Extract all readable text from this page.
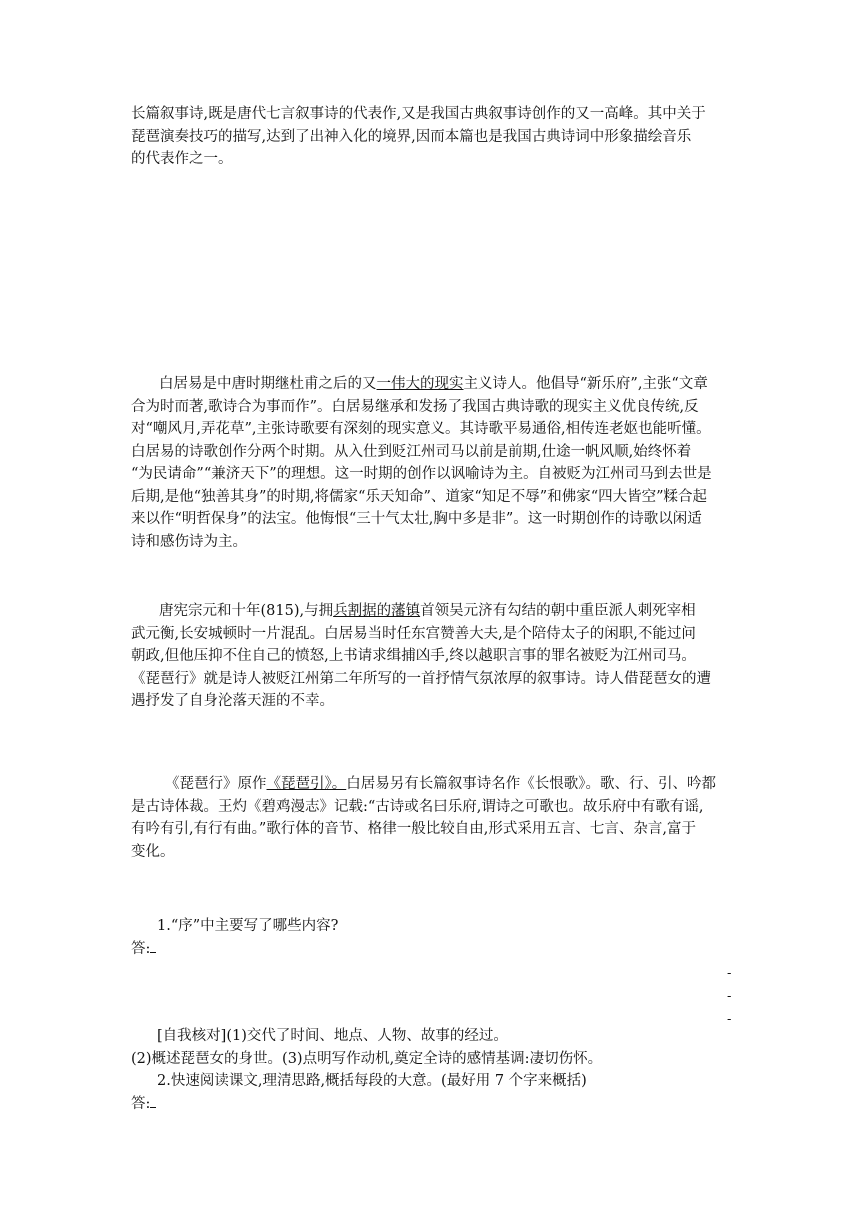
长篇叙事诗,既是唐代七言叙事诗的代表作,又是我国古典叙事诗创作的又一高峰。其中关于
琵琶演奏技巧的描写,达到了出神入化的境界,因而本篇也是我国古典诗词中形象描绘音乐
的代表作之一。
白居易是中唐时期继杜甫之后的又一伟大的现实主义诗人。他倡导“新乐府”,主张“文章
合为时而著,歌诗合为事而作”。白居易继承和发扬了我国古典诗歌的现实主义优良传统,反
对“嘲风月,弄花草”,主张诗歌要有深刻的现实意义。其诗歌平易通俗,相传连老妪也能听懂。
白居易的诗歌创作分两个时期。从入仕到贬江州司马以前是前期,仕途一帆风顺,始终怀着
“为民请命”“兼济天下”的理想。这一时期的创作以讽喻诗为主。自被贬为江州司马到去世是
后期,是他“独善其身”的时期,将儒家“乐天知命”、道家“知足不辱”和佛家“四大皆空”糅合起
来以作“明哲保身”的法宝。他悔恨“三十气太壮,胸中多是非”。这一时期创作的诗歌以闲适
诗和感伤诗为主。
唐宪宗元和十年(815),与拥兵割据的藩镇首领吴元济有勾结的朝中重臣派人刺死宰相
武元衡,长安城顿时一片混乱。白居易当时任东宫赞善大夫,是个陪侍太子的闲职,不能过问
朝政,但他压抑不住自己的愤怒,上书请求缉捕凶手,终以越职言事的罪名被贬为江州司马。
《琵琶行》就是诗人被贬江州第二年所写的一首抒情气氛浓厚的叙事诗。诗人借琵琶女的遭
遇抒发了自身沦落天涯的不幸。
《琵琶行》原作《琵琶引》。白居易另有长篇叙事诗名作《长恨歌》。歌、行、引、吟都
是古诗体裁。王灼《碧鸡漫志》记载:“古诗或名曰乐府,谓诗之可歌也。故乐府中有歌有谣,
有吟有引,有行有曲。”歌行体的音节、格律一般比较自由,形式采用五言、七言、杂言,富于
变化。
1.“序”中主要写了哪些内容?
答:
-
-
-
[自我核对](1)交代了时间、地点、人物、故事的经过。
(2)概述琵琶女的身世。(3)点明写作动机,奠定全诗的感情基调:凄切伤怀。
2.快速阅读课文,理清思路,概括每段的大意。(最好用 7 个字来概括)
答:
